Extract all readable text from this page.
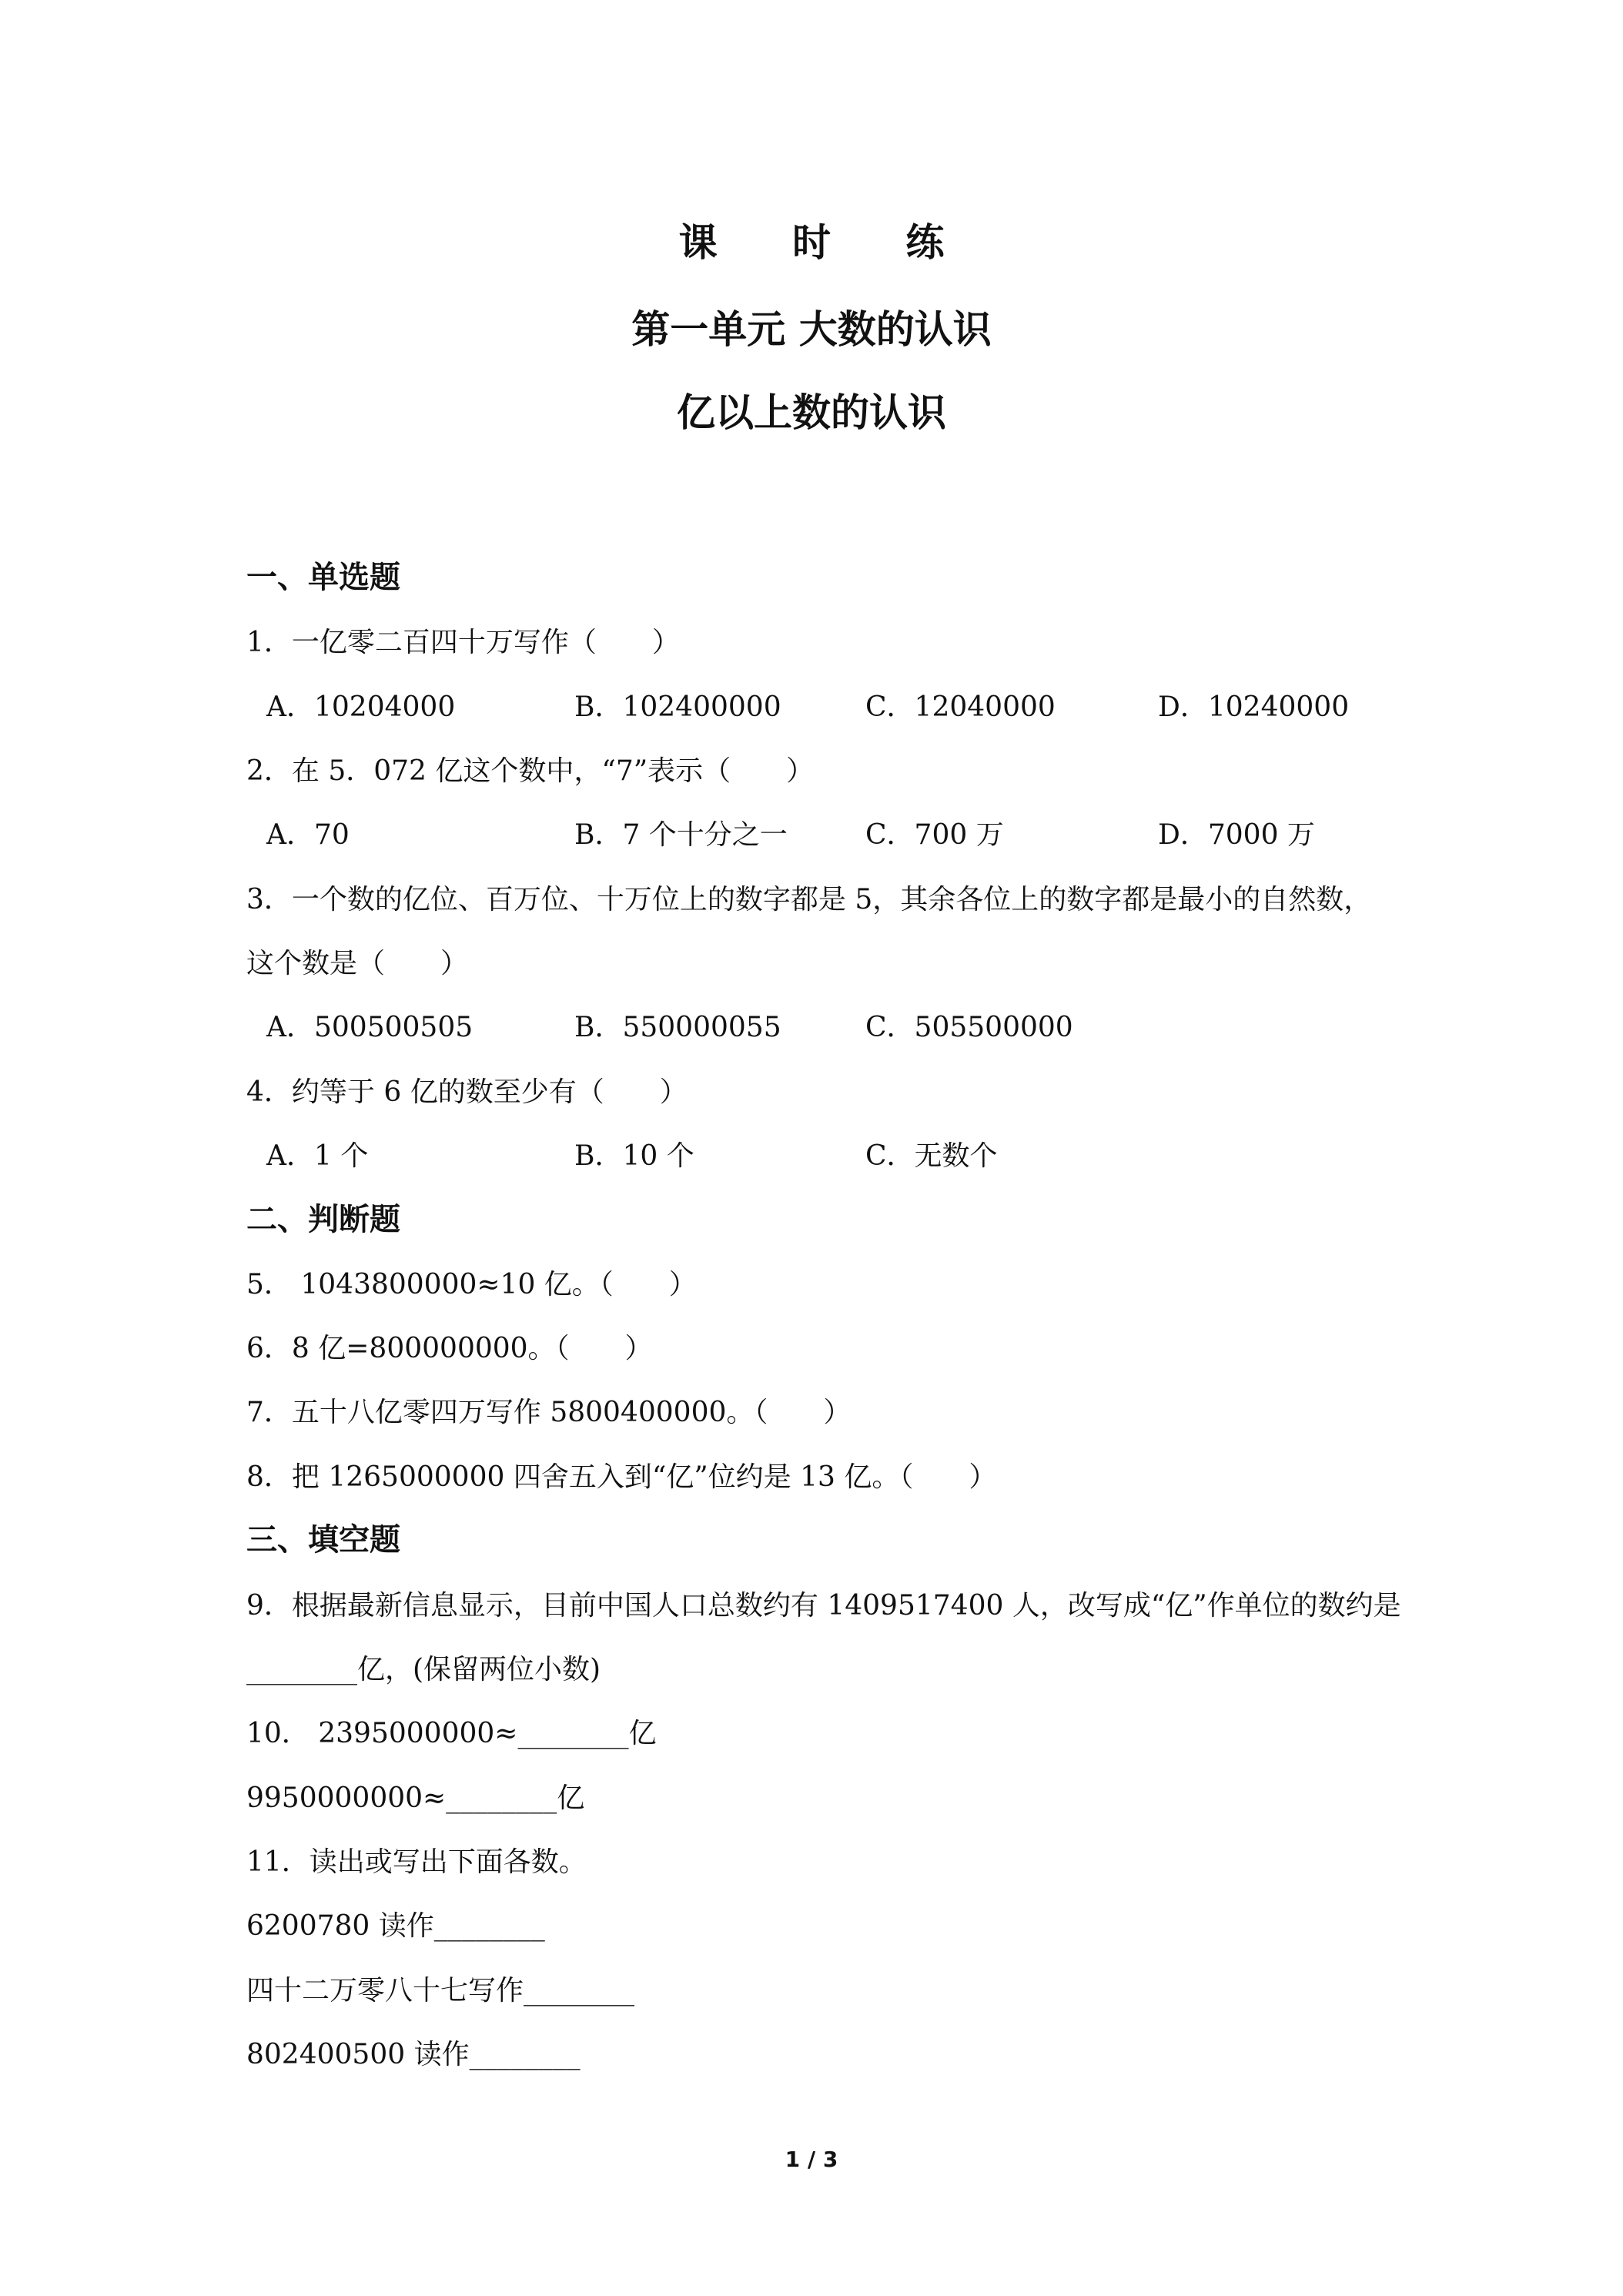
课 时 练
第一单元 大数的认识
亿以上数的认识
一、单选题
1．一亿零二百四十万写作（　　）
A．10204000	B．102400000	C．12040000	D．10240000
2．在 5．072 亿这个数中，“7”表示（　　）
A．70	B．7 个十分之一	C．700 万	D．7000 万
3．一个数的亿位、百万位、十万位上的数字都是 5，其余各位上的数字都是最小的自然数，
这个数是（　　）
A．500500505	B．550000055	C．505500000
4．约等于 6 亿的数至少有（　　）
A．1 个	B．10 个	C．无数个
二、判断题
5． 1043800000≈10 亿。（　　）
6．8 亿=800000000。（　　）
7．五十八亿零四万写作 5800400000。（　　）
8．把 1265000000 四舍五入到“亿”位约是 13 亿。（　　）
三、填空题
9．根据最新信息显示，目前中国人口总数约有 1409517400 人，改写成“亿”作单位的数约是
________亿，(保留两位小数)
10． 2395000000≈________亿
9950000000≈________亿
11．读出或写出下面各数。
6200780 读作________
四十二万零八十七写作________
802400500 读作________
1 / 3
